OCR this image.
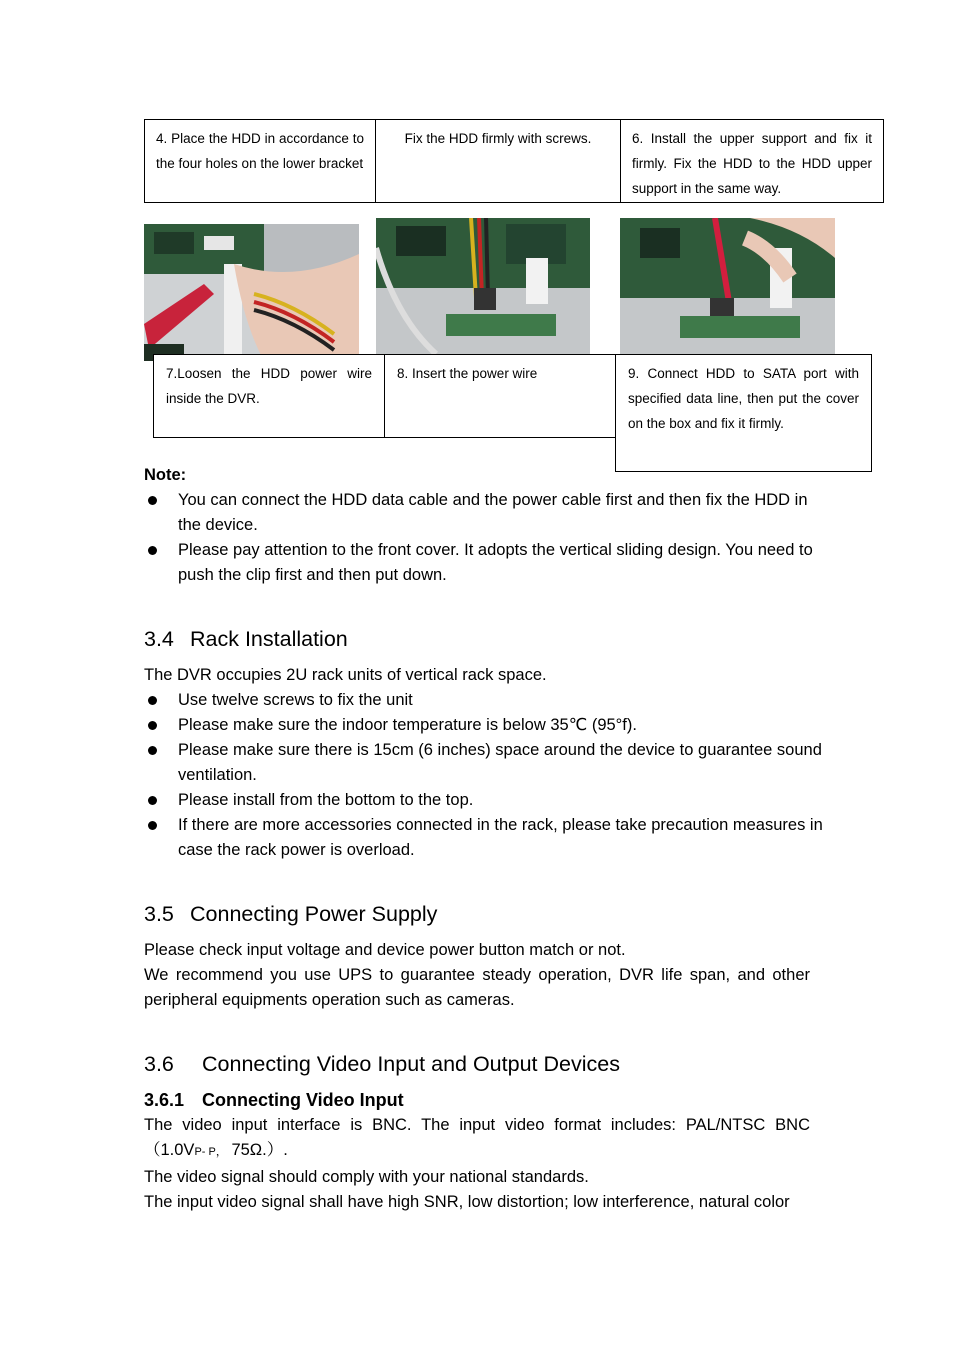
4. Place the HDD in accordance to the four holes on the lower bracket
Fix the HDD firmly with screws.	6. Install the upper support and fix it firmly. Fix the HDD to the HDD upper support in the same way.
7.Loosen the HDD power wire inside the DVR.
8. Insert the power wire	9. Connect HDD to SATA port with specified data line, then put the cover on the box and fix it firmly.
Note:
You can connect the HDD data cable and the power cable first and then fix the HDD in the device.
Please pay attention to the front cover. It adopts the vertical sliding design. You need to push the clip first and then put down.
3.4 Rack Installation
The DVR occupies 2U rack units of vertical rack space.
Use twelve screws to fix the unit
Please make sure the indoor temperature is below 35℃ (95°f).
Please make sure there is 15cm (6 inches) space around the device to guarantee sound ventilation.
Please install from the bottom to the top.
If there are more accessories connected in the rack, please take precaution measures in case the rack power is overload.
3.5 Connecting Power Supply

Please check input voltage and device power button match or not.

We recommend you use UPS to guarantee steady operation, DVR life span, and other peripheral equipments operation such as cameras.

3.6 Connecting Video Input and Output Devices
3.6.1 Connecting Video Input

The video input interface is BNC. The input video format includes: PAL/NTSC BNC

（1.0VP- P， 75Ω.）.

The video signal should comply with your national standards.

The input video signal shall have high SNR, low distortion; low interference, natural color
